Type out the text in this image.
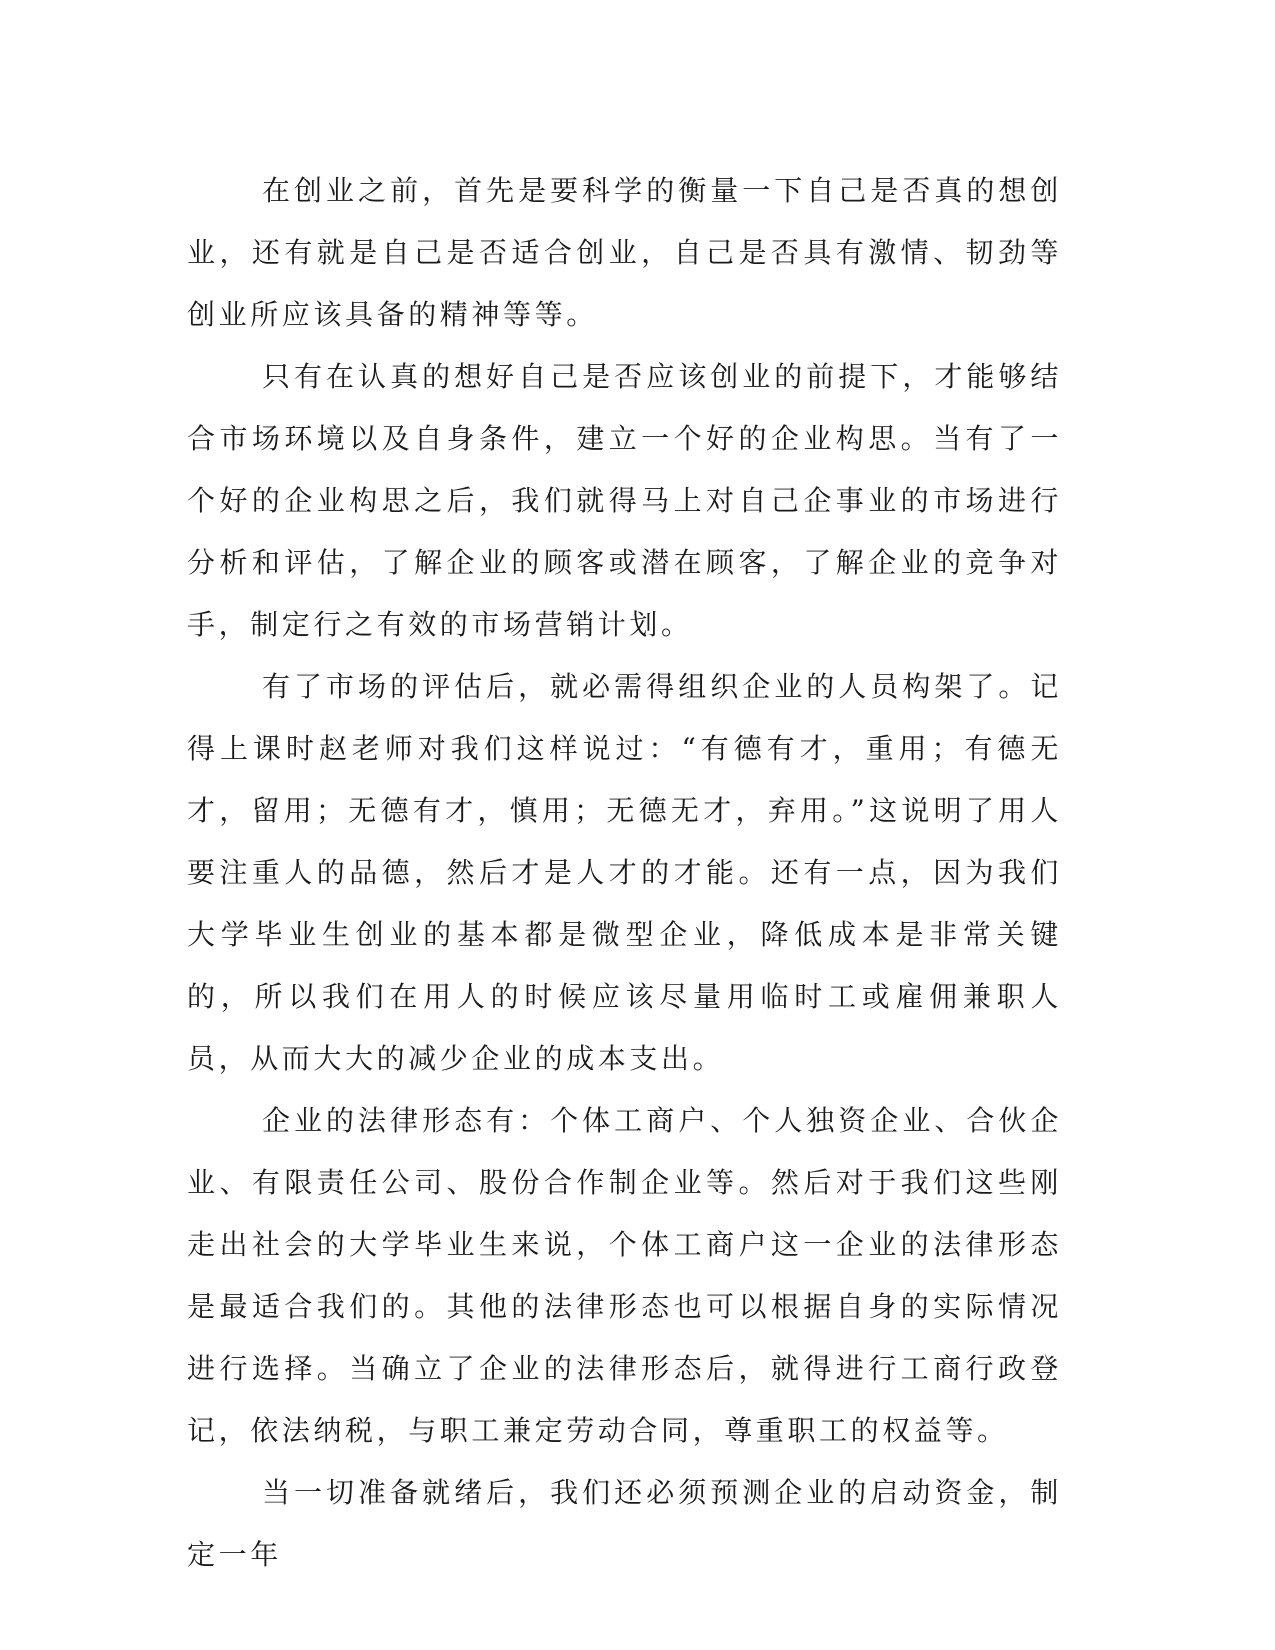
在创业之前，首先是要科学的衡量一下自己是否真的想创业，还有就是自己是否适合创业，自己是否具有激情、韧劲等创业所应该具备的精神等等。

只有在认真的想好自己是否应该创业的前提下，才能够结合市场环境以及自身条件，建立一个好的企业构思。当有了一个好的企业构思之后，我们就得马上对自己企事业的市场进行分析和评估，了解企业的顾客或潜在顾客，了解企业的竞争对手，制定行之有效的市场营销计划。

有了市场的评估后，就必需得组织企业的人员构架了。记得上课时赵老师对我们这样说过：“有德有才，重用；有德无才，留用；无德有才，慎用；无德无才，弃用。”这说明了用人要注重人的品德，然后才是人才的才能。还有一点，因为我们大学毕业生创业的基本都是微型企业，降低成本是非常关键的，所以我们在用人的时候应该尽量用临时工或雇佣兼职人员，从而大大的减少企业的成本支出。

企业的法律形态有：个体工商户、个人独资企业、合伙企业、有限责任公司、股份合作制企业等。然后对于我们这些刚走出社会的大学毕业生来说，个体工商户这一企业的法律形态是最适合我们的。其他的法律形态也可以根据自身的实际情况进行选择。当确立了企业的法律形态后，就得进行工商行政登记，依法纳税，与职工兼定劳动合同，尊重职工的权益等。

当一切准备就绪后，我们还必须预测企业的启动资金，制定一年
